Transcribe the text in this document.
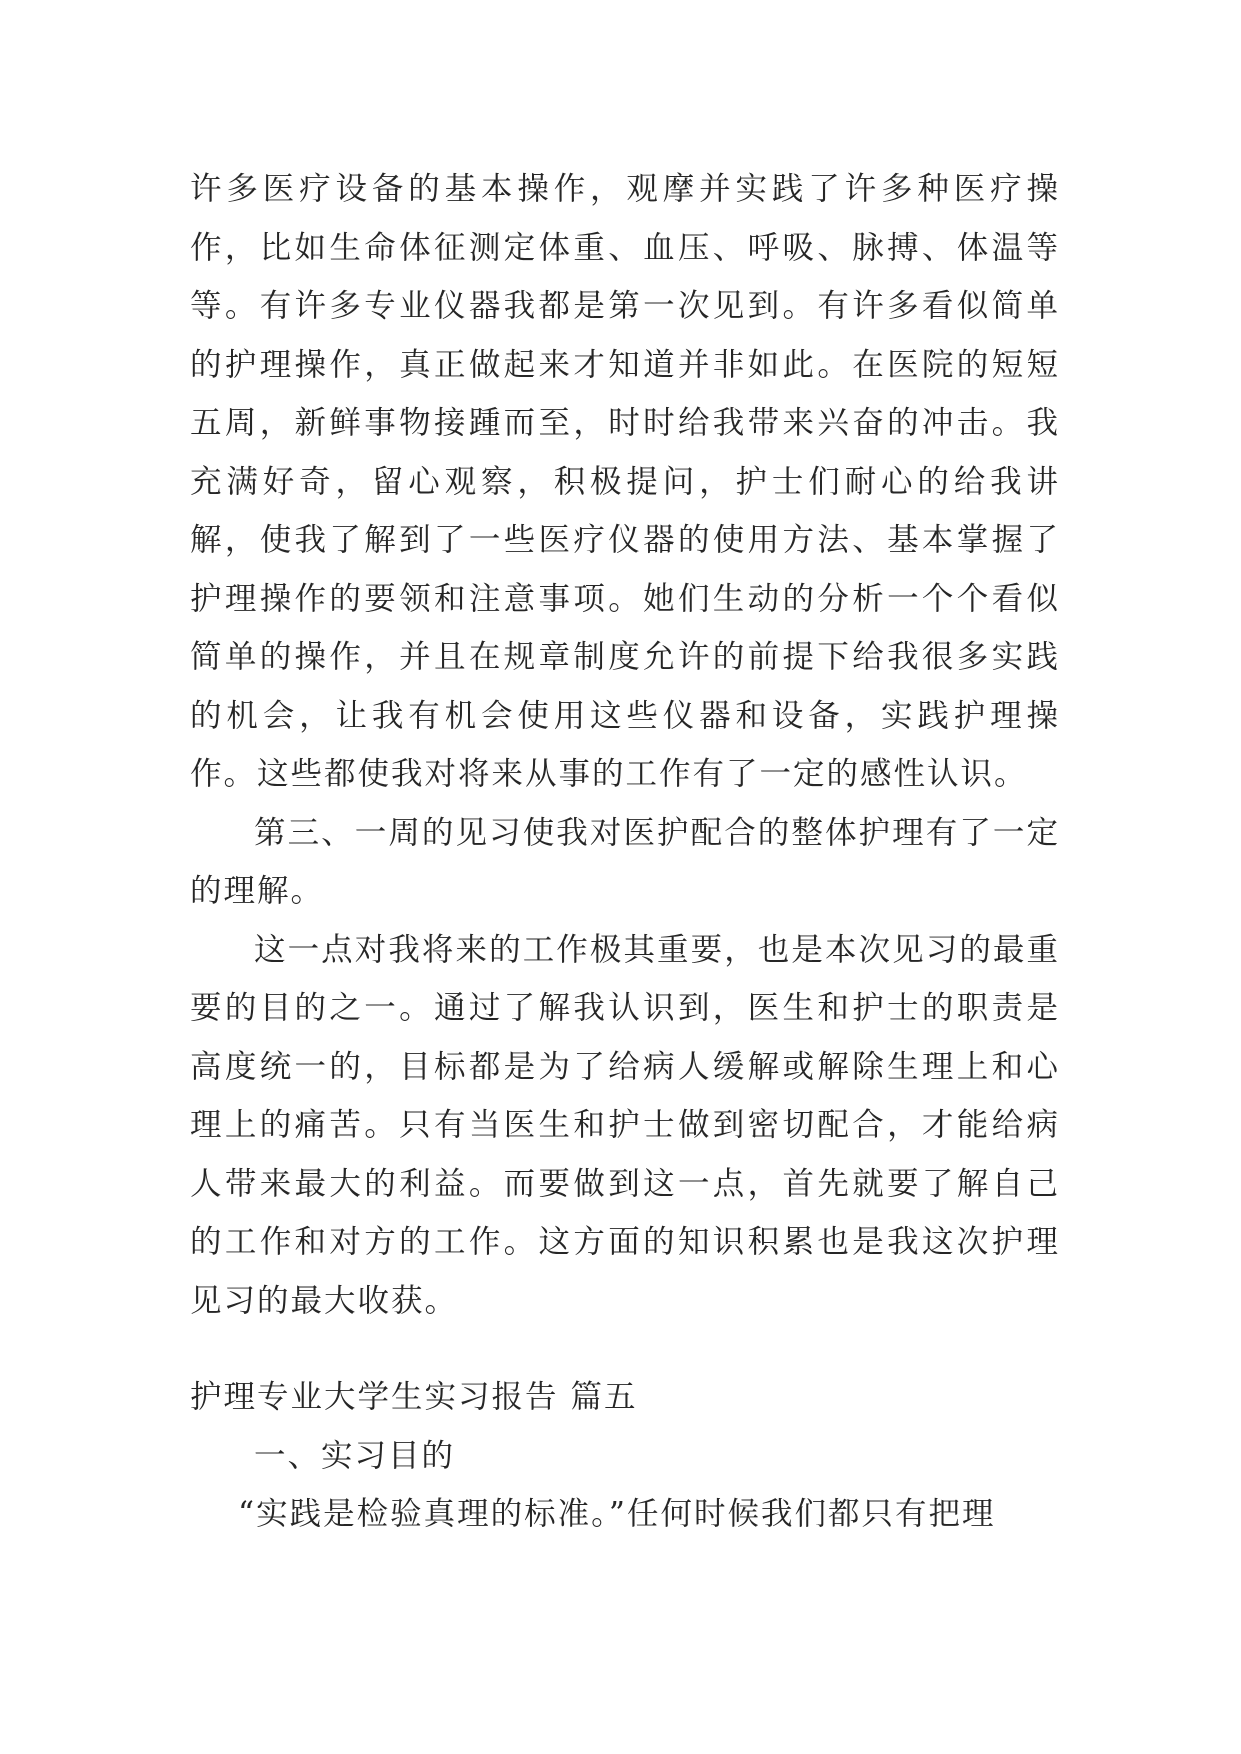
许多医疗设备的基本操作，观摩并实践了许多种医疗操作，比如生命体征测定体重、血压、呼吸、脉搏、体温等等。有许多专业仪器我都是第一次见到。有许多看似简单的护理操作，真正做起来才知道并非如此。在医院的短短五周，新鲜事物接踵而至，时时给我带来兴奋的冲击。我充满好奇，留心观察，积极提问，护士们耐心的给我讲解，使我了解到了一些医疗仪器的使用方法、基本掌握了护理操作的要领和注意事项。她们生动的分析一个个看似简单的操作，并且在规章制度允许的前提下给我很多实践的机会，让我有机会使用这些仪器和设备，实践护理操作。这些都使我对将来从事的工作有了一定的感性认识。

第三、一周的见习使我对医护配合的整体护理有了一定的理解。

这一点对我将来的工作极其重要，也是本次见习的最重要的目的之一。通过了解我认识到，医生和护士的职责是高度统一的，目标都是为了给病人缓解或解除生理上和心理上的痛苦。只有当医生和护士做到密切配合，才能给病人带来最大的利益。而要做到这一点，首先就要了解自己的工作和对方的工作。这方面的知识积累也是我这次护理见习的最大收获。

护理专业大学生实习报告 篇五

一、实习目的

“实践是检验真理的标准。”任何时候我们都只有把理
